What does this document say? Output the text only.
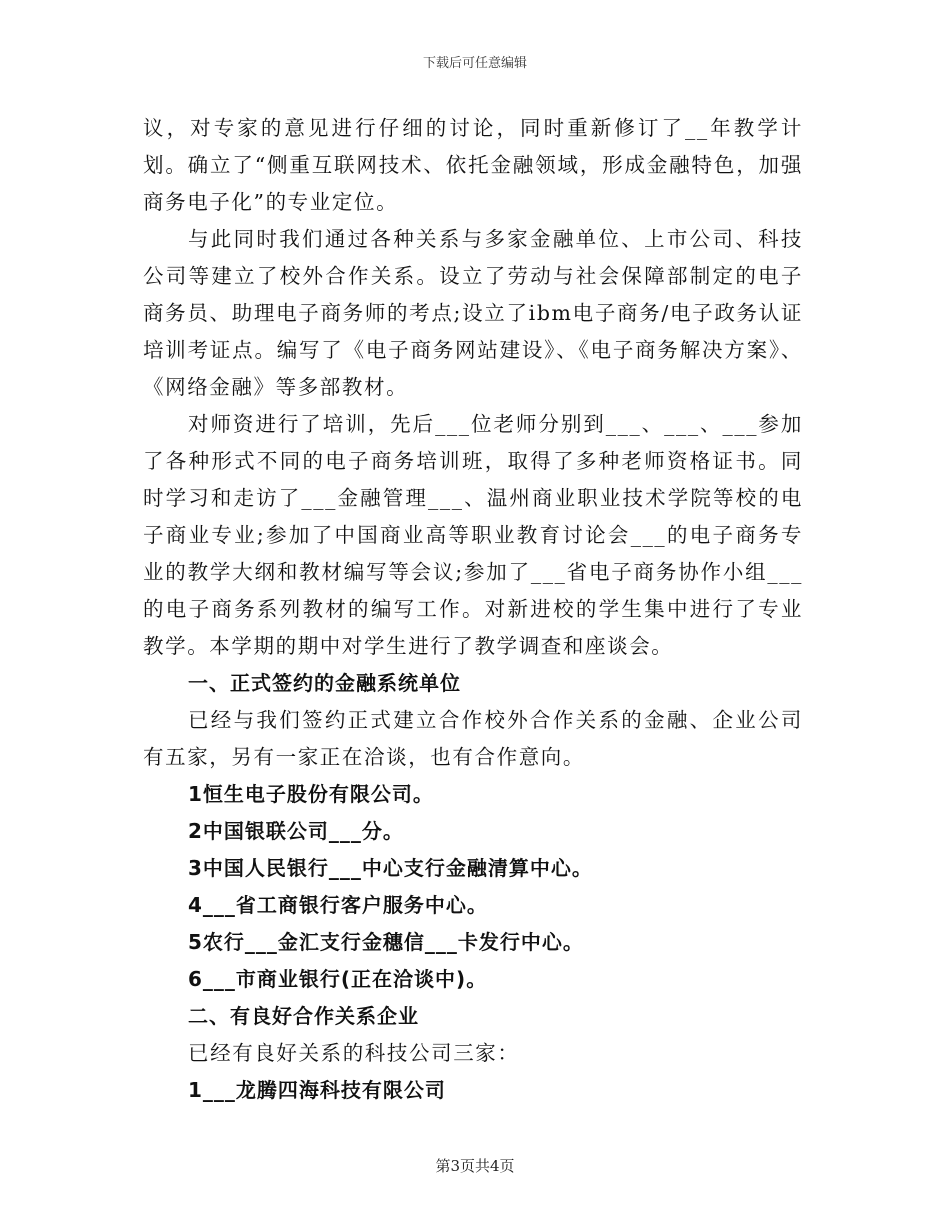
下载后可任意编辑

议，对专家的意见进行仔细的讨论，同时重新修订了__年教学计划。确立了“侧重互联网技术、依托金融领域，形成金融特色，加强商务电子化”的专业定位。

与此同时我们通过各种关系与多家金融单位、上市公司、科技公司等建立了校外合作关系。设立了劳动与社会保障部制定的电子商务员、助理电子商务师的考点;设立了ibm电子商务/电子政务认证培训考证点。编写了《电子商务网站建设》、《电子商务解决方案》、《网络金融》等多部教材。

对师资进行了培训，先后___位老师分别到___、___、___参加了各种形式不同的电子商务培训班，取得了多种老师资格证书。同时学习和走访了___金融管理___、温州商业职业技术学院等校的电子商业专业;参加了中国商业高等职业教育讨论会___的电子商务专业的教学大纲和教材编写等会议;参加了___省电子商务协作小组___的电子商务系列教材的编写工作。对新进校的学生集中进行了专业教学。本学期的期中对学生进行了教学调查和座谈会。

一、正式签约的金融系统单位

已经与我们签约正式建立合作校外合作关系的金融、企业公司有五家，另有一家正在洽谈，也有合作意向。

1恒生电子股份有限公司。

2中国银联公司___分。

3中国人民银行___中心支行金融清算中心。

4___省工商银行客户服务中心。

5农行___金汇支行金穗信___卡发行中心。

6___市商业银行(正在洽谈中)。

二、有良好合作关系企业

已经有良好关系的科技公司三家：

1___龙腾四海科技有限公司

第3页共4页
